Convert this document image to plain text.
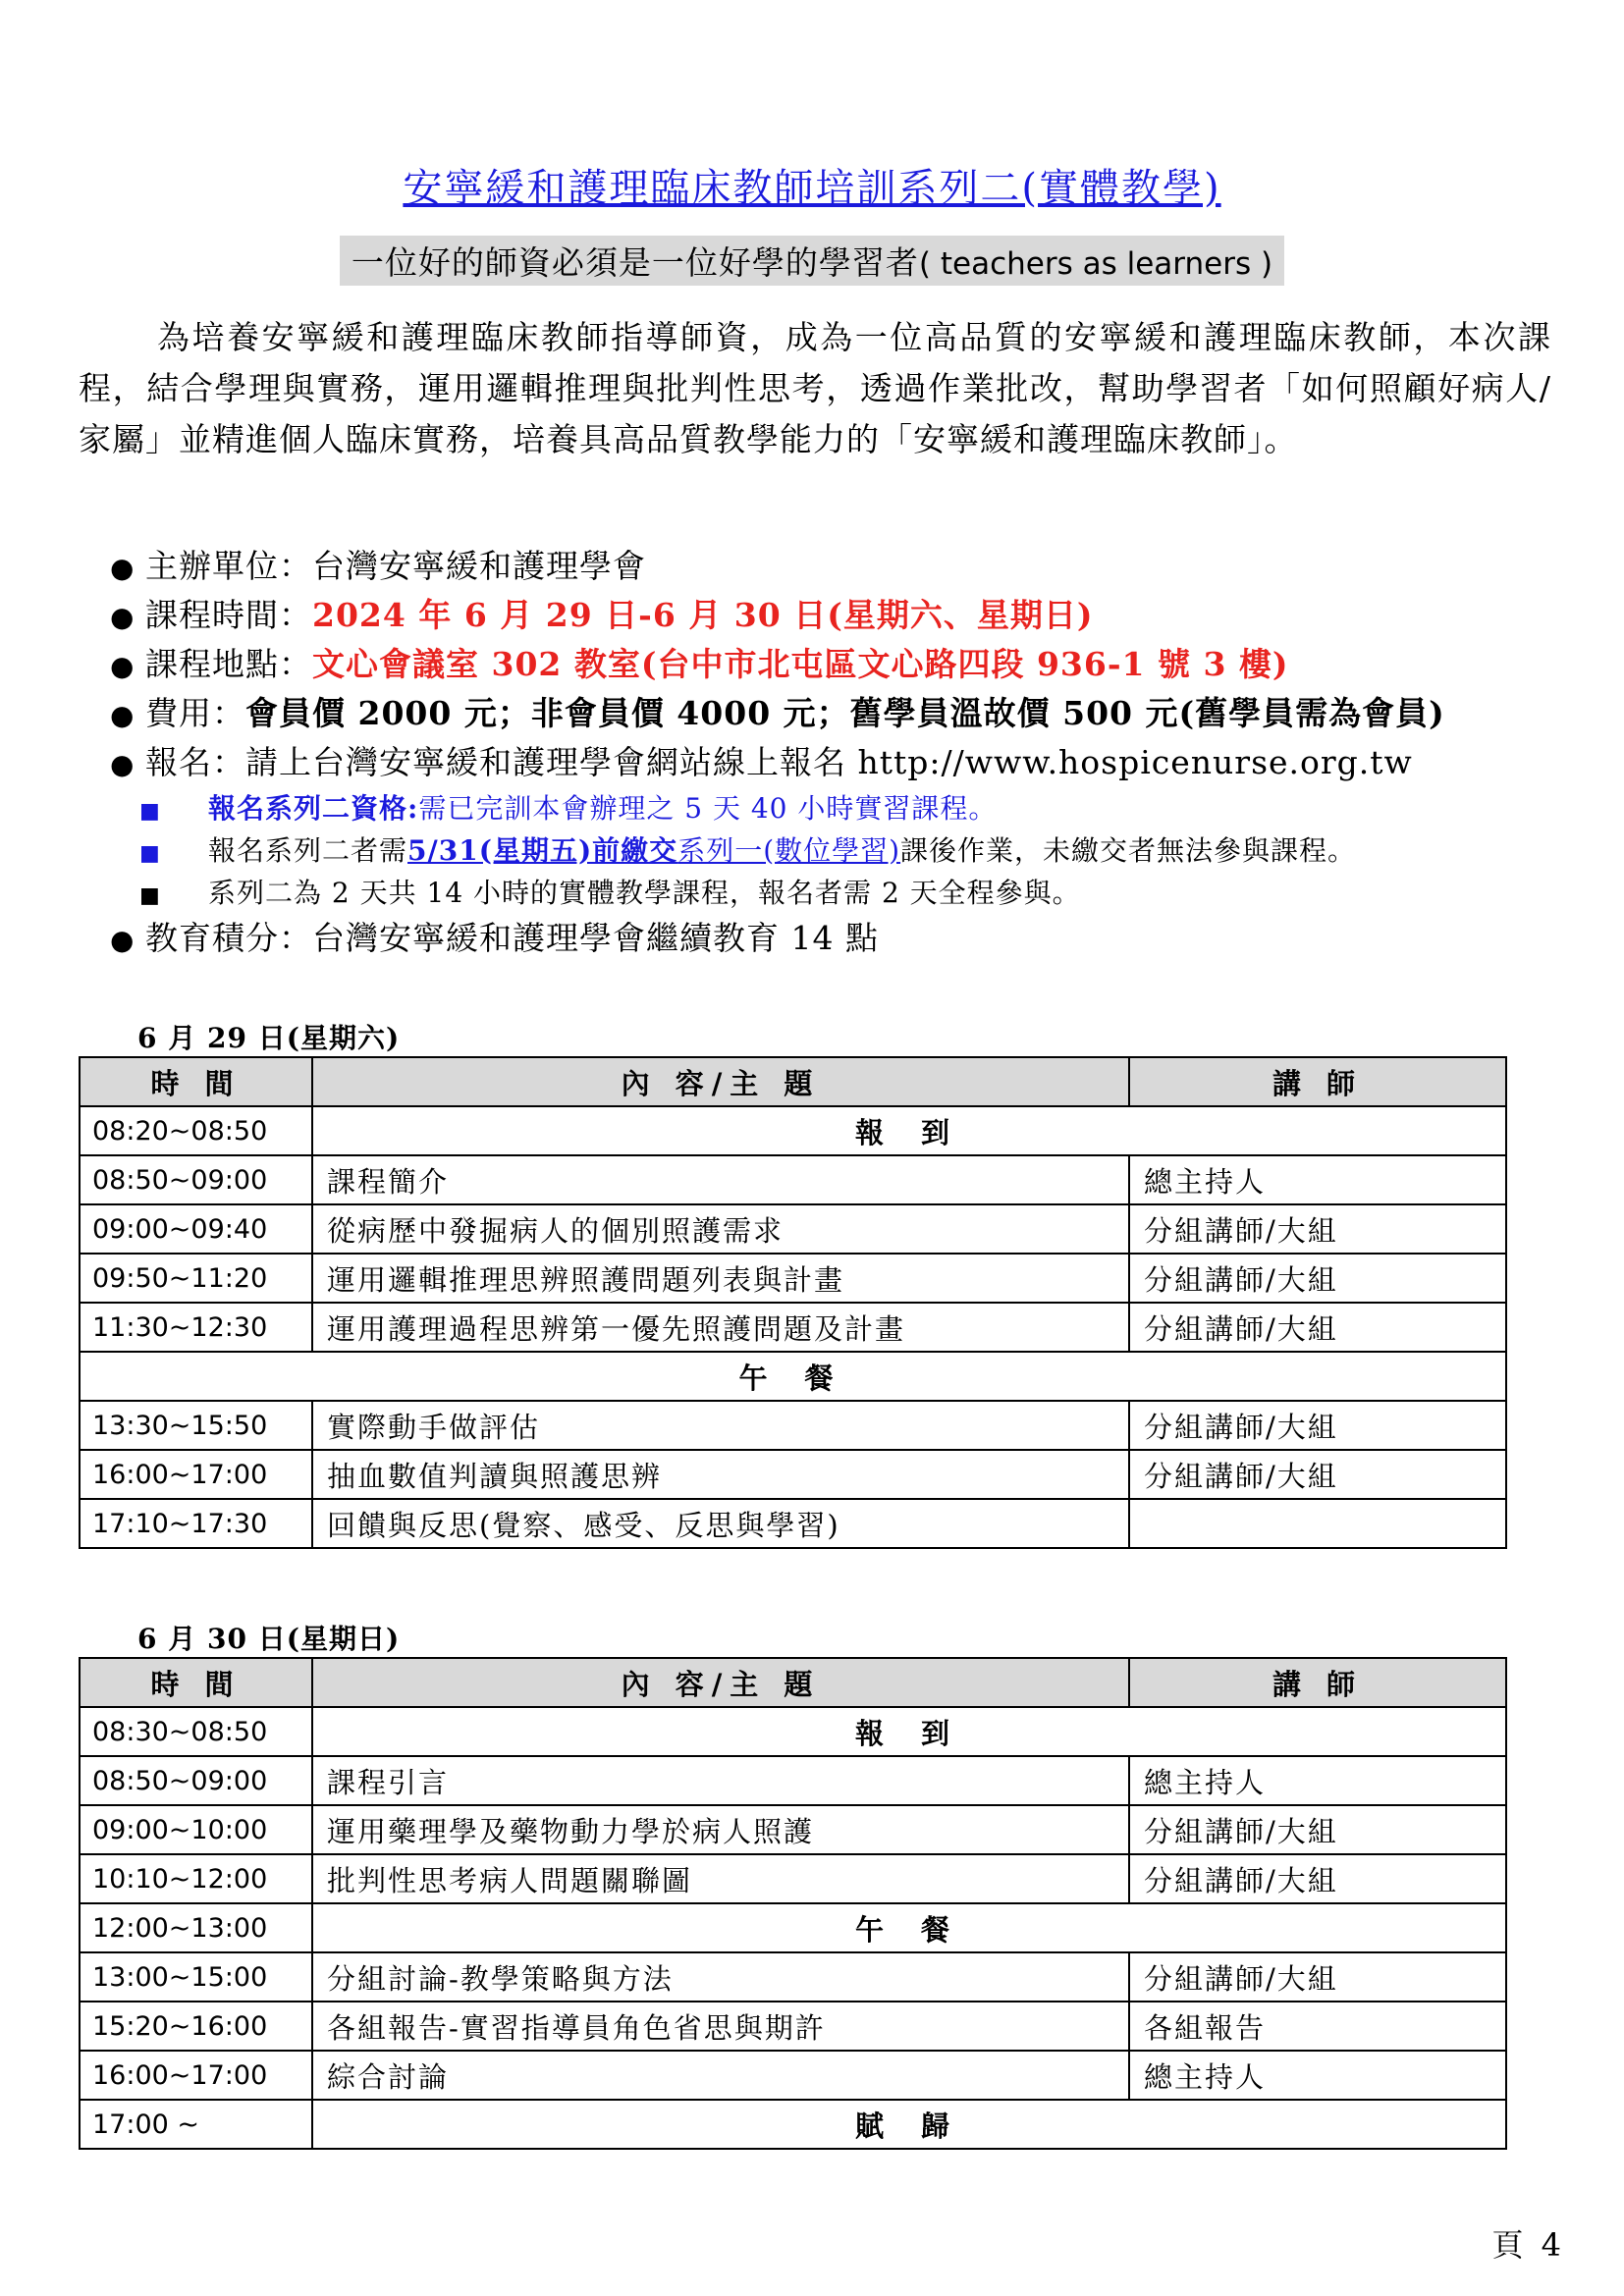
安寧緩和護理臨床教師培訓系列二(實體教學)
一位好的師資必須是一位好學的學習者( teachers as learners )
為培養安寧緩和護理臨床教師指導師資，成為一位高品質的安寧緩和護理臨床教師，本次課程，結合學理與實務，運用邏輯推理與批判性思考，透過作業批改，幫助學習者「如何照顧好病人/家屬」並精進個人臨床實務，培養具高品質教學能力的「安寧緩和護理臨床教師」。
● 主辦單位：台灣安寧緩和護理學會
● 課程時間：2024 年 6 月 29 日-6 月 30 日(星期六、星期日)
● 課程地點：文心會議室 302 教室(台中市北屯區文心路四段 936-1 號 3 樓)
● 費用：會員價 2000 元；非會員價 4000 元；舊學員溫故價 500 元(舊學員需為會員)
● 報名：請上台灣安寧緩和護理學會網站線上報名 http://www.hospicenurse.org.tw
■ 報名系列二資格:需已完訓本會辦理之 5 天 40 小時實習課程。
■ 報名系列二者需5/31(星期五)前繳交系列一(數位學習)課後作業，未繳交者無法參與課程。
■ 系列二為 2 天共 14 小時的實體教學課程，報名者需 2 天全程參與。
● 教育積分：台灣安寧緩和護理學會繼續教育 14 點
6 月 29 日(星期六)
時 間	內 容/主 題	講 師
08:20~08:50	報 到	
08:50~09:00	課程簡介	總主持人
09:00~09:40	從病歷中發掘病人的個別照護需求	分組講師/大組
09:50~11:20	運用邏輯推理思辨照護問題列表與計畫	分組講師/大組
11:30~12:30	運用護理過程思辨第一優先照護問題及計畫	分組講師/大組
午 餐		
13:30~15:50	實際動手做評估	分組講師/大組
16:00~17:00	抽血數值判讀與照護思辨	分組講師/大組
17:10~17:30	回饋與反思(覺察、感受、反思與學習)	
6 月 30 日(星期日)
時 間	內 容/主 題	講 師
08:30~08:50	報 到	
08:50~09:00	課程引言	總主持人
09:00~10:00	運用藥理學及藥物動力學於病人照護	分組講師/大組
10:10~12:00	批判性思考病人問題關聯圖	分組講師/大組
12:00~13:00	午 餐	
13:00~15:00	分組討論-教學策略與方法	分組講師/大組
15:20~16:00	各組報告-實習指導員角色省思與期許	各組報告
16:00~17:00	綜合討論	總主持人
17:00 ~	賦 歸	
頁 4
